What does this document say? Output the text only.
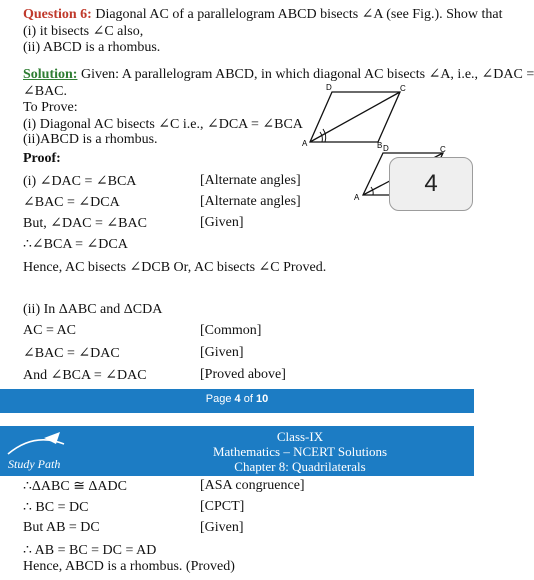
Question 6: Diagonal AC of a parallelogram ABCD bisects ∠A (see Fig.). Show that
(i) it bisects ∠C also,
(ii) ABCD is a rhombus.
Solution: Given: A parallelogram ABCD, in which diagonal AC bisects ∠A, i.e., ∠DAC =
∠BAC.
To Prove:
(i) Diagonal AC bisects ∠C i.e., ∠DCA = ∠BCA
(ii)ABCD is a rhombus.
D	C
A	B D	C
A
4
Proof:
(i) ∠DAC = ∠BCA	[Alternate angles]
∠BAC = ∠DCA	[Alternate angles]
But, ∠DAC = ∠BAC	[Given]
∴∠BCA = ∠DCA
Hence, AC bisects ∠DCB Or, AC bisects ∠C Proved.
(ii) In ΔABC and ΔCDA
AC = AC	[Common]
∠BAC = ∠DAC	[Given]
And ∠BCA = ∠DAC	[Proved above]
Page 4 of 10
Study Path
Class-IX
Mathematics – NCERT Solutions
Chapter 8: Quadrilaterals
∴ΔABC ≅ ΔADC	[ASA congruence]
∴ BC = DC	[CPCT]
But AB = DC	[Given]
∴ AB = BC = DC = AD
Hence, ABCD is a rhombus. (Proved)
